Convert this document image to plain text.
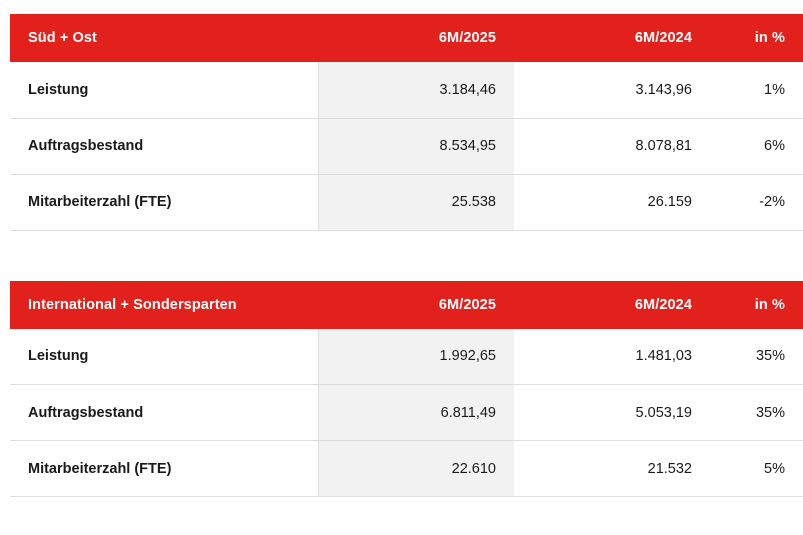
Süd + Ost	6M/2025	6M/2024	in %
Leistung	3.184,46	3.143,96	1%
Auftragsbestand	8.534,95	8.078,81	6%
Mitarbeiterzahl (FTE)	25.538	26.159	-2%
International + Sondersparten	6M/2025	6M/2024	in %
Leistung	1.992,65	1.481,03	35%
Auftragsbestand	6.811,49	5.053,19	35%
Mitarbeiterzahl (FTE)	22.610	21.532	5%
